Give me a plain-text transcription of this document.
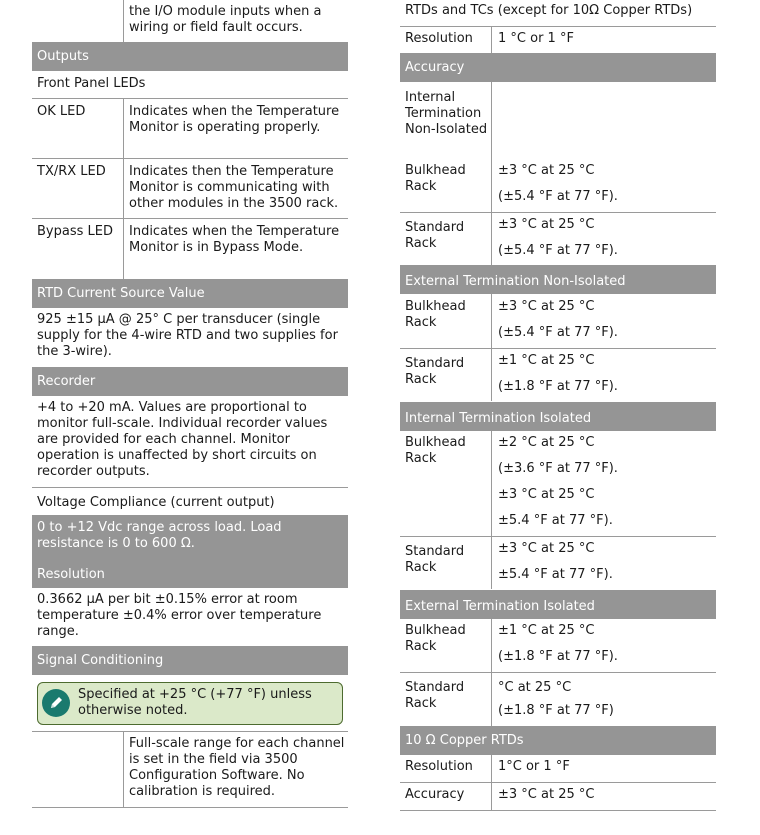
the I/O module inputs when a wiring or field fault occurs.
Outputs
Front Panel LEDs
OK LED	Indicates when the Temperature Monitor is operating properly.
TX/RX LED Indicates then the Temperature Monitor is communicating with other modules in the 3500 rack.
Bypass LED Indicates when the Temperature Monitor is in Bypass Mode.
RTD Current Source Value
925 ±15 µA @ 25° C per transducer (single supply for the 4-wire RTD and two supplies for the 3-wire).
Recorder
+4 to +20 mA. Values are proportional to monitor full-scale. Individual recorder values are provided for each channel. Monitor operation is unaffected by short circuits on recorder outputs.
Voltage Compliance (current output)
0 to +12 Vdc range across load. Load resistance is 0 to 600 Ω.
Resolution
0.3662 µA per bit ±0.15% error at room temperature ±0.4% error over temperature range.
Signal Conditioning
Specified at +25 °C (+77 °F) unless otherwise noted.
Full-scale range for each channel is set in the field via 3500 Configuration Software. No calibration is required.
RTDs and TCs (except for 10Ω Copper RTDs)
Resolution 1 °C or 1 °F
Accuracy
Internal Termination Non-Isolated
Bulkhead Rack
±3 °C at 25 °C
(±5.4 °F at 77 °F).
Standard Rack
±3 °C at 25 °C
(±5.4 °F at 77 °F).
External Termination Non-Isolated
Bulkhead Rack
±3 °C at 25 °C
(±5.4 °F at 77 °F).
Standard Rack
±1 °C at 25 °C
(±1.8 °F at 77 °F).
Internal Termination Isolated
Bulkhead Rack
±2 °C at 25 °C
(±3.6 °F at 77 °F).
±3 °C at 25 °C
±5.4 °F at 77 °F).
Standard Rack
±3 °C at 25 °C
±5.4 °F at 77 °F).
External Termination Isolated
Bulkhead Rack
±1 °C at 25 °C
(±1.8 °F at 77 °F).
Standard Rack
°C at 25 °C
(±1.8 °F at 77 °F)
10 Ω Copper RTDs
Resolution 1°C or 1 °F
Accuracy	±3 °C at 25 °C
